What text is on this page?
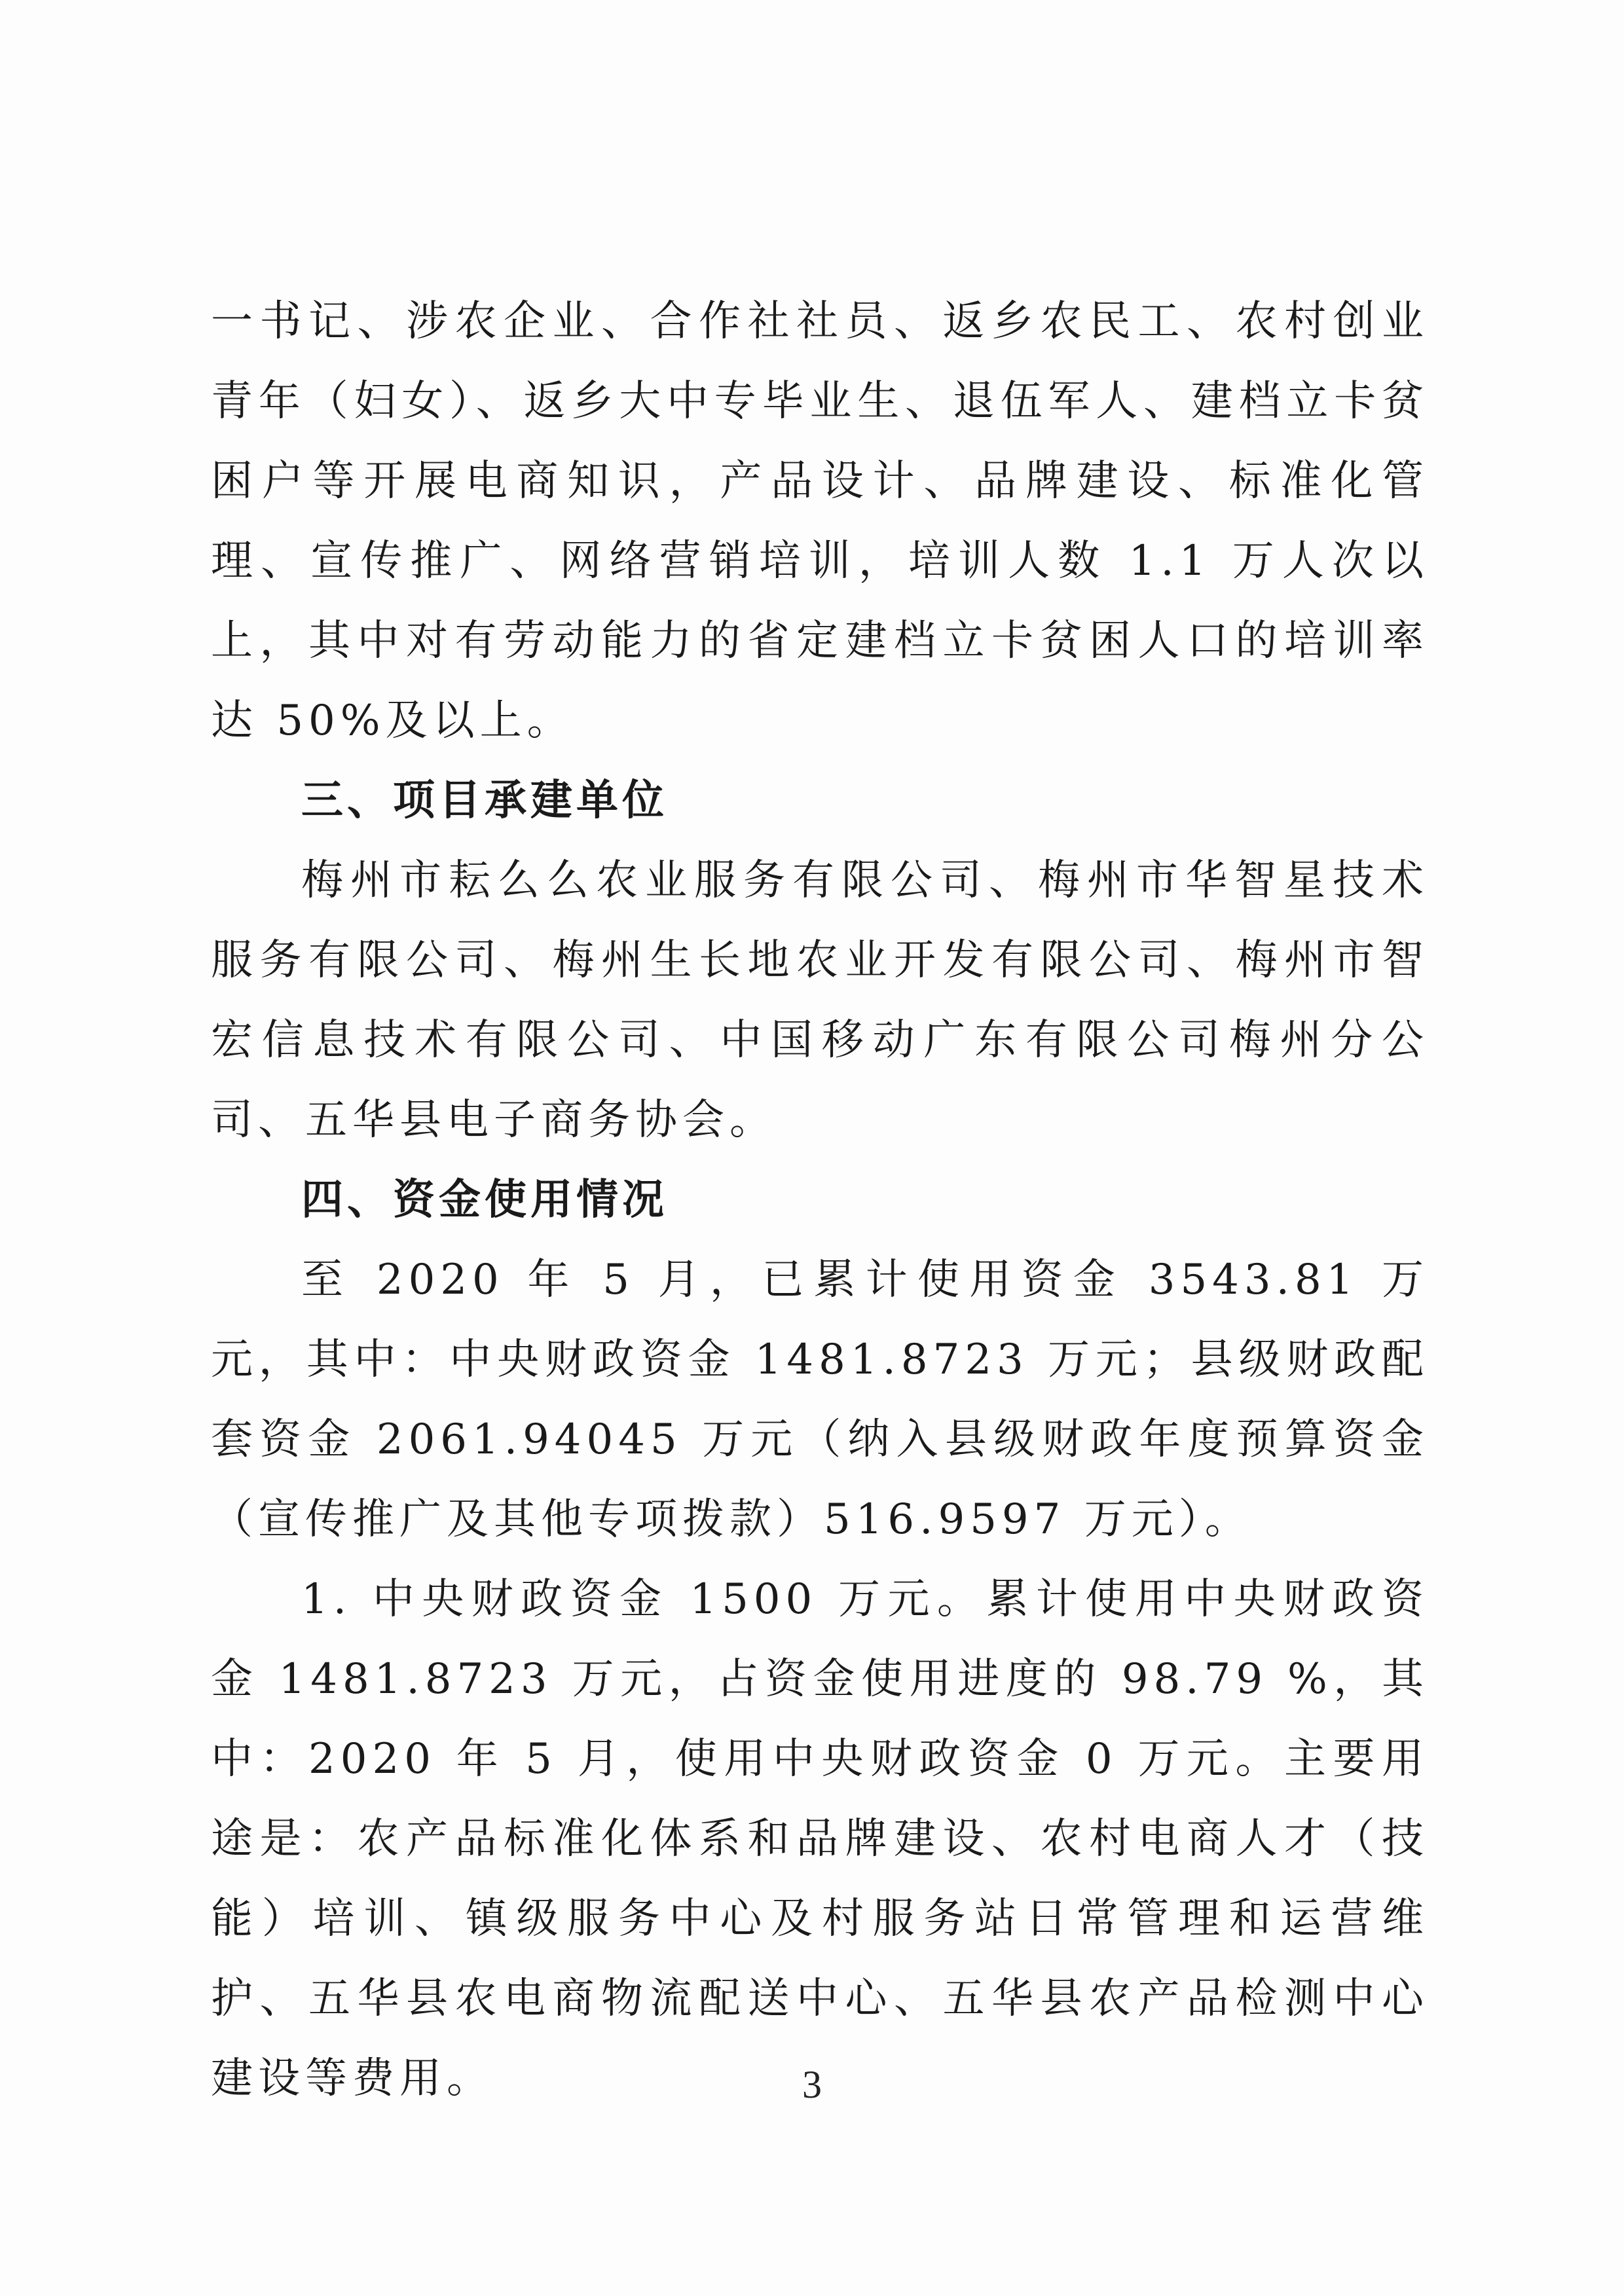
一书记、涉农企业、合作社社员、返乡农民工、农村创业青年（妇女）、返乡大中专毕业生、退伍军人、建档立卡贫困户等开展电商知识，产品设计、品牌建设、标准化管理、宣传推广、网络营销培训，培训人数 1.1 万人次以上，其中对有劳动能力的省定建档立卡贫困人口的培训率达 50%及以上。

三、项目承建单位

梅州市耘么么农业服务有限公司、梅州市华智星技术服务有限公司、梅州生长地农业开发有限公司、梅州市智宏信息技术有限公司、中国移动广东有限公司梅州分公司、五华县电子商务协会。

四、资金使用情况

至 2020 年 5 月，已累计使用资金 3543.81 万元，其中：中央财政资金 1481.8723 万元；县级财政配套资金 2061.94045 万元（纳入县级财政年度预算资金（宣传推广及其他专项拨款）516.9597 万元）。

1. 中央财政资金 1500 万元。累计使用中央财政资金 1481.8723 万元，占资金使用进度的 98.79 %，其中：2020 年 5 月，使用中央财政资金 0 万元。主要用途是：农产品标准化体系和品牌建设、农村电商人才（技能）培训、镇级服务中心及村服务站日常管理和运营维护、五华县农电商物流配送中心、五华县农产品检测中心建设等费用。	3
